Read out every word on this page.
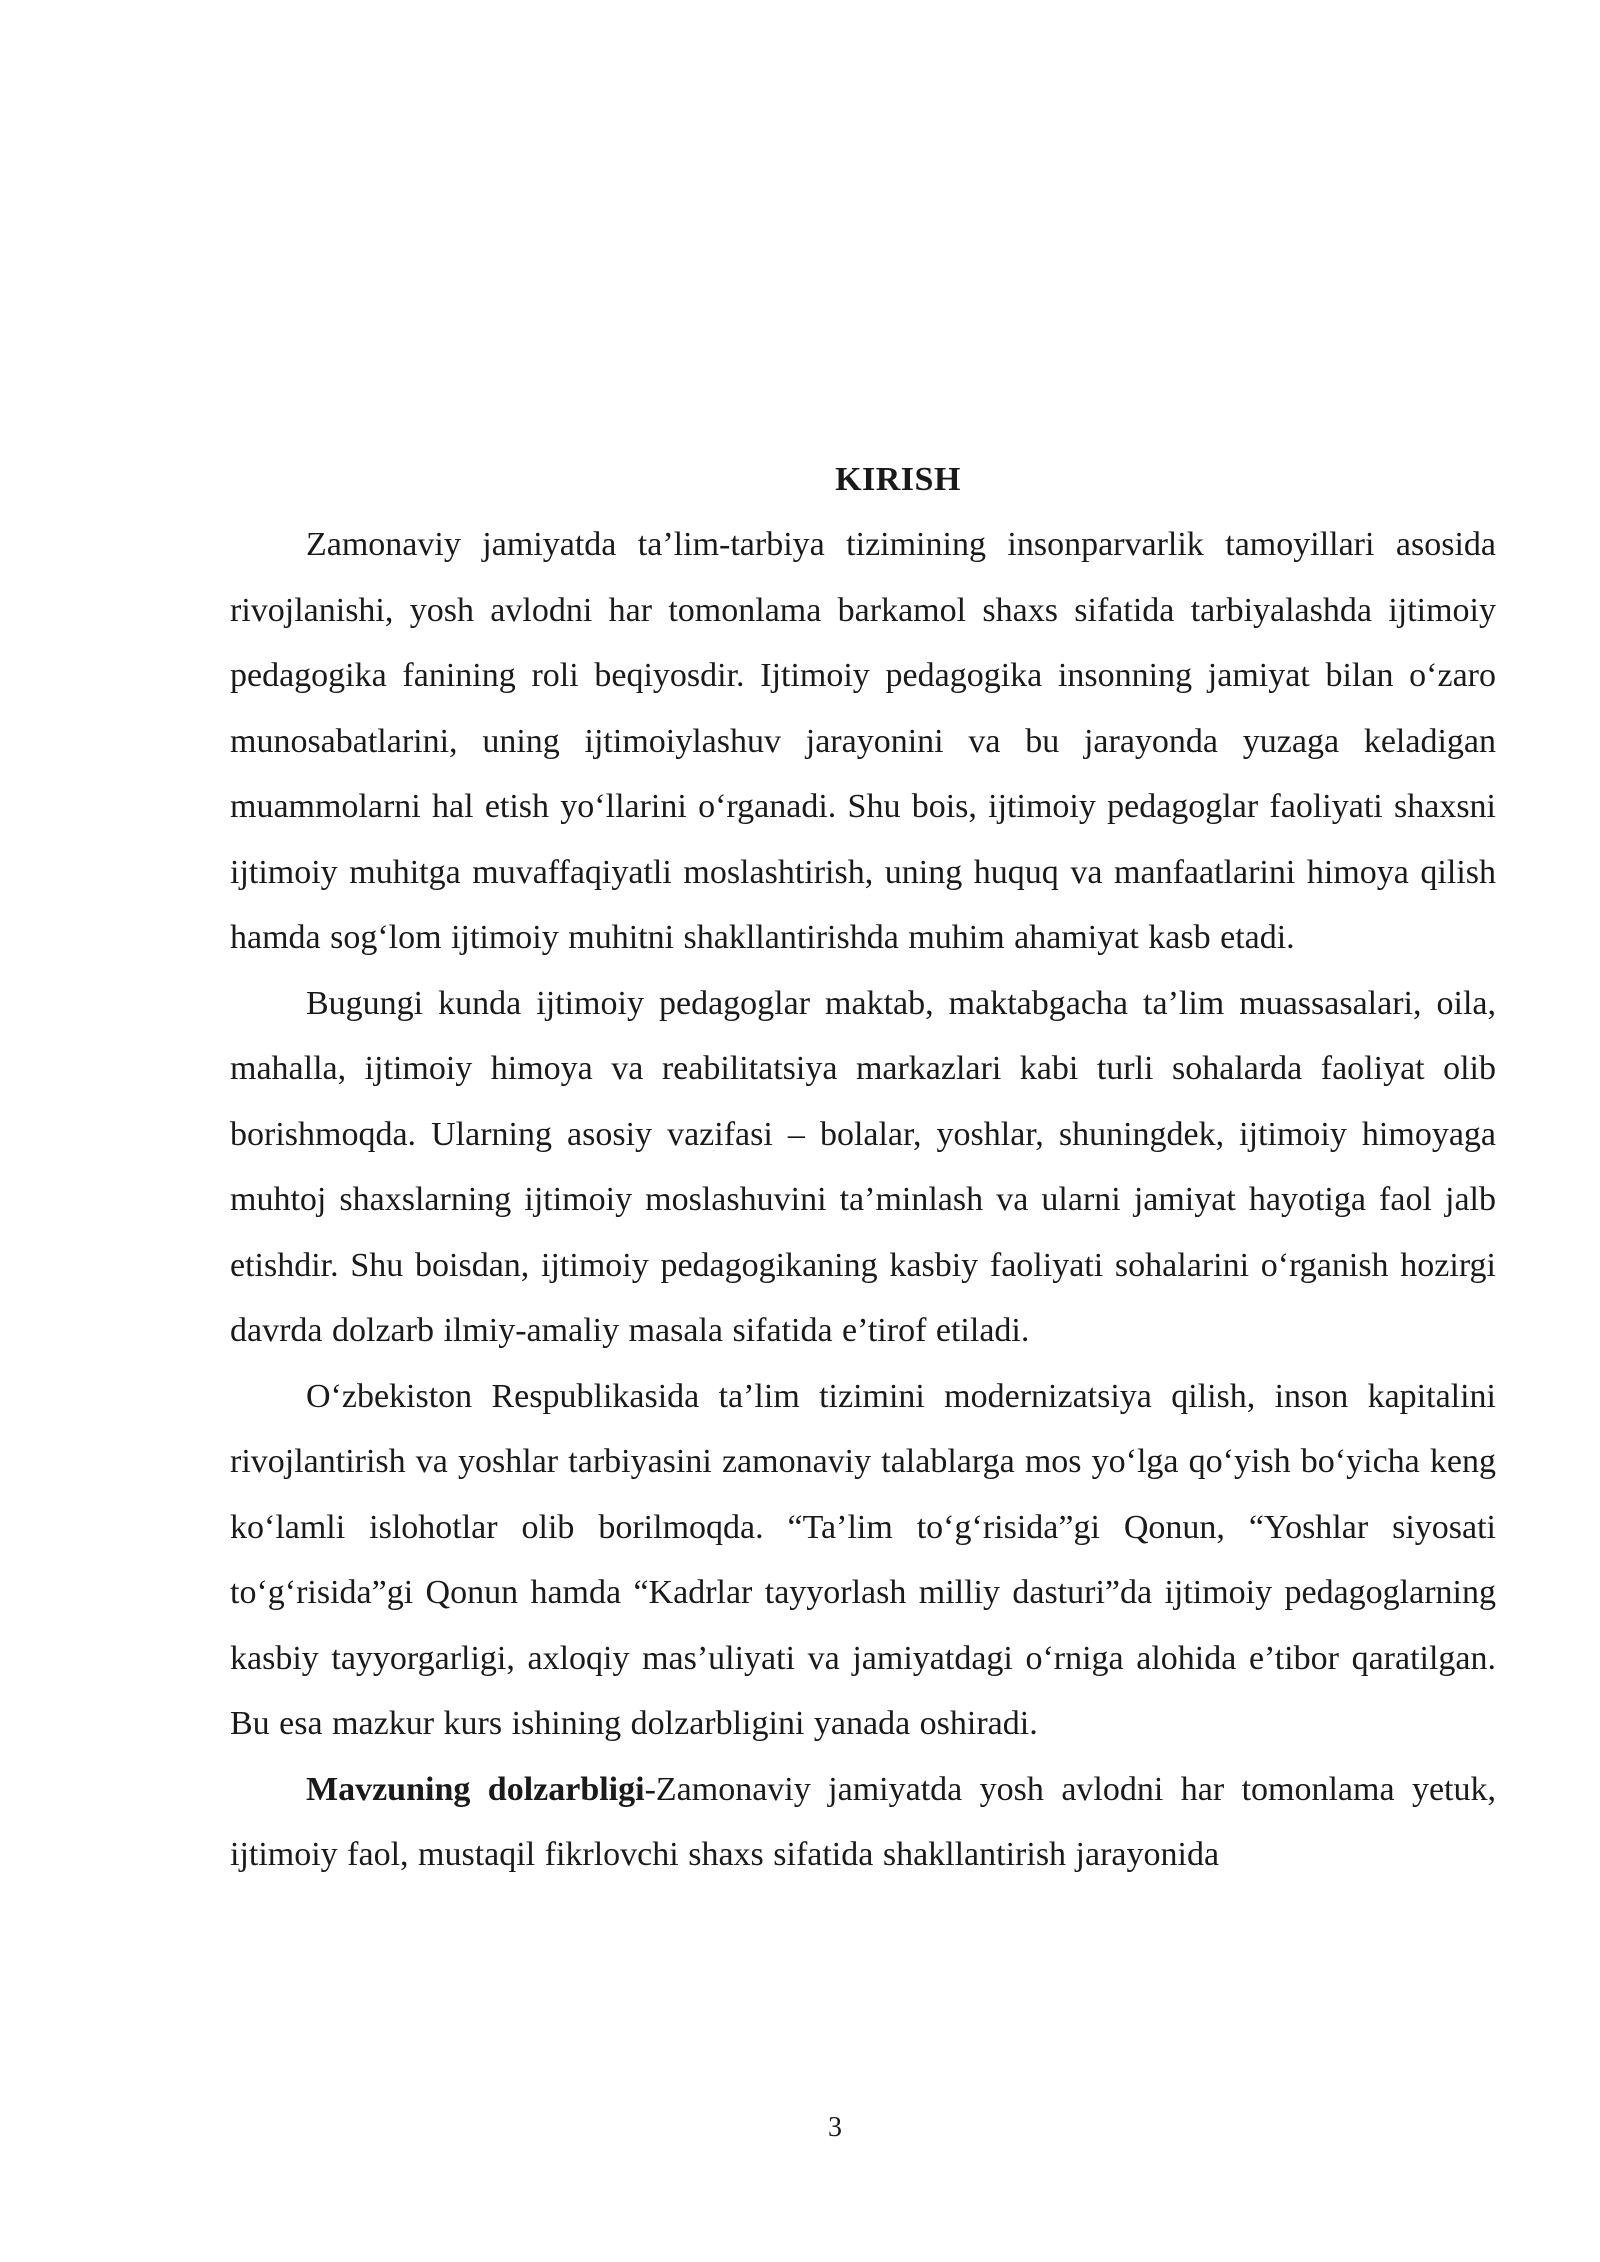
KIRISH

Zamonaviy jamiyatda ta’lim-tarbiya tizimining insonparvarlik tamoyillari asosida rivojlanishi, yosh avlodni har tomonlama barkamol shaxs sifatida tarbiyalashda ijtimoiy pedagogika fanining roli beqiyosdir. Ijtimoiy pedagogika insonning jamiyat bilan o‘zaro munosabatlarini, uning ijtimoiylashuv jarayonini va bu jarayonda yuzaga keladigan muammolarni hal etish yo‘llarini o‘rganadi. Shu bois, ijtimoiy pedagoglar faoliyati shaxsni ijtimoiy muhitga muvaffaqiyatli moslashtirish, uning huquq va manfaatlarini himoya qilish hamda sog‘lom ijtimoiy muhitni shakllantirishda muhim ahamiyat kasb etadi.

Bugungi kunda ijtimoiy pedagoglar maktab, maktabgacha ta’lim muassasalari, oila, mahalla, ijtimoiy himoya va reabilitatsiya markazlari kabi turli sohalarda faoliyat olib borishmoqda. Ularning asosiy vazifasi – bolalar, yoshlar, shuningdek, ijtimoiy himoyaga muhtoj shaxslarning ijtimoiy moslashuvini ta’minlash va ularni jamiyat hayotiga faol jalb etishdir. Shu boisdan, ijtimoiy pedagogikaning kasbiy faoliyati sohalarini o‘rganish hozirgi davrda dolzarb ilmiy-amaliy masala sifatida e’tirof etiladi.

O‘zbekiston Respublikasida ta’lim tizimini modernizatsiya qilish, inson kapitalini rivojlantirish va yoshlar tarbiyasini zamonaviy talablarga mos yo‘lga qo‘yish bo‘yicha keng ko‘lamli islohotlar olib borilmoqda. “Ta’lim to‘g‘risida”gi Qonun, “Yoshlar siyosati to‘g‘risida”gi Qonun hamda “Kadrlar tayyorlash milliy dasturi”da ijtimoiy pedagoglarning kasbiy tayyorgarligi, axloqiy mas’uliyati va jamiyatdagi o‘rniga alohida e’tibor qaratilgan. Bu esa mazkur kurs ishining dolzarbligini yanada oshiradi.

Mavzuning dolzarbligi-Zamonaviy jamiyatda yosh avlodni har tomonlama yetuk, ijtimoiy faol, mustaqil fikrlovchi shaxs sifatida shakllantirish jarayonida

3
